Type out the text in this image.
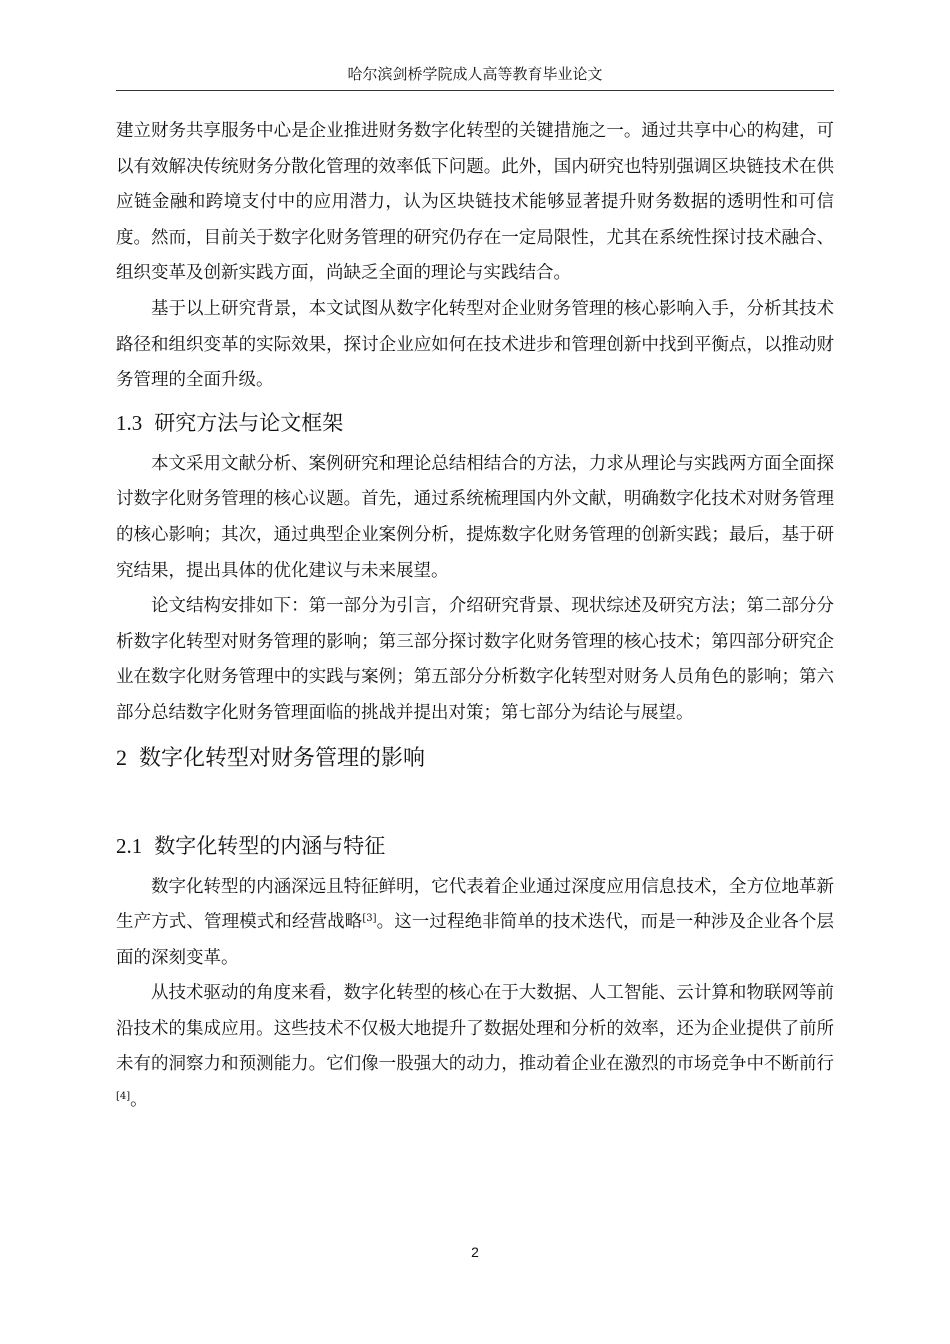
哈尔滨剑桥学院成人高等教育毕业论文

建立财务共享服务中心是企业推进财务数字化转型的关键措施之一。通过共享中心的构建，可以有效解决传统财务分散化管理的效率低下问题。此外，国内研究也特别强调区块链技术在供应链金融和跨境支付中的应用潜力，认为区块链技术能够显著提升财务数据的透明性和可信度。然而，目前关于数字化财务管理的研究仍存在一定局限性，尤其在系统性探讨技术融合、组织变革及创新实践方面，尚缺乏全面的理论与实践结合。

基于以上研究背景，本文试图从数字化转型对企业财务管理的核心影响入手，分析其技术路径和组织变革的实际效果，探讨企业应如何在技术进步和管理创新中找到平衡点，以推动财务管理的全面升级。

1.3 研究方法与论文框架

本文采用文献分析、案例研究和理论总结相结合的方法，力求从理论与实践两方面全面探讨数字化财务管理的核心议题。首先，通过系统梳理国内外文献，明确数字化技术对财务管理的核心影响；其次，通过典型企业案例分析，提炼数字化财务管理的创新实践；最后，基于研究结果，提出具体的优化建议与未来展望。

论文结构安排如下：第一部分为引言，介绍研究背景、现状综述及研究方法；第二部分分析数字化转型对财务管理的影响；第三部分探讨数字化财务管理的核心技术；第四部分研究企业在数字化财务管理中的实践与案例；第五部分分析数字化转型对财务人员角色的影响；第六部分总结数字化财务管理面临的挑战并提出对策；第七部分为结论与展望。

2 数字化转型对财务管理的影响
2.1 数字化转型的内涵与特征

数字化转型的内涵深远且特征鲜明，它代表着企业通过深度应用信息技术，全方位地革新生产方式、管理模式和经营战略[3]。这一过程绝非简单的技术迭代，而是一种涉及企业各个层面的深刻变革。

从技术驱动的角度来看，数字化转型的核心在于大数据、人工智能、云计算和物联网等前沿技术的集成应用。这些技术不仅极大地提升了数据处理和分析的效率，还为企业提供了前所未有的洞察力和预测能力。它们像一股强大的动力，推动着企业在激烈的市场竞争中不断前行[4]。

2
